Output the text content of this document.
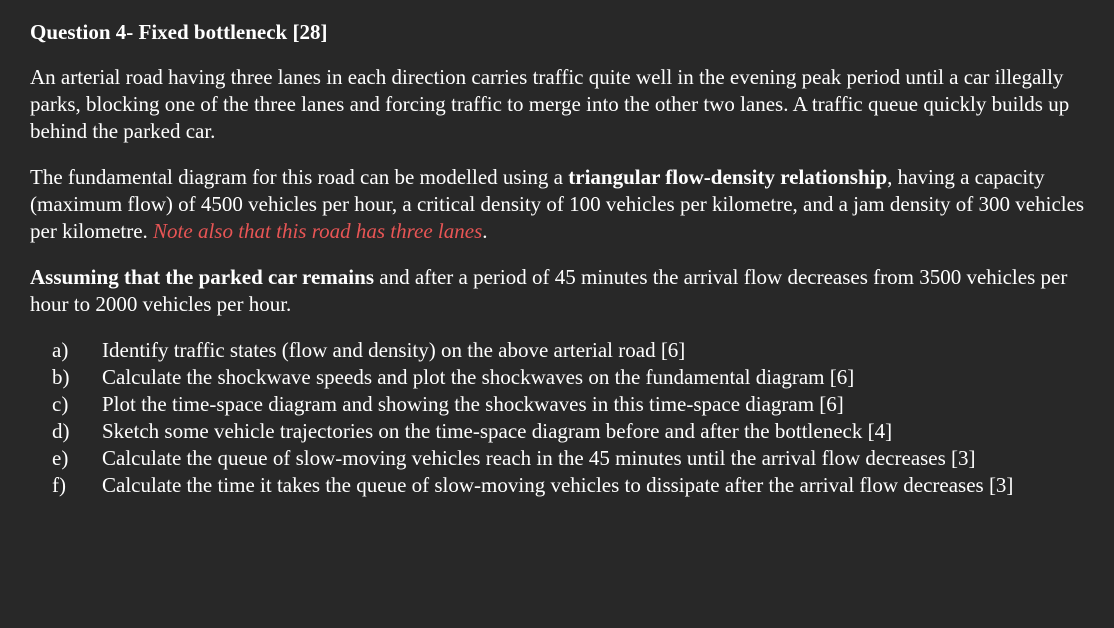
Question 4- Fixed bottleneck [28]

An arterial road having three lanes in each direction carries traffic quite well in the evening peak period until a car illegally parks, blocking one of the three lanes and forcing traffic to merge into the other two lanes. A traffic queue quickly builds up behind the parked car.

The fundamental diagram for this road can be modelled using a triangular flow-density relationship, having a capacity (maximum flow) of 4500 vehicles per hour, a critical density of 100 vehicles per kilometre, and a jam density of 300 vehicles per kilometre. Note also that this road has three lanes.

Assuming that the parked car remains and after a period of 45 minutes the arrival flow decreases from 3500 vehicles per hour to 2000 vehicles per hour.

a) Identify traffic states (flow and density) on the above arterial road [6]
b) Calculate the shockwave speeds and plot the shockwaves on the fundamental diagram [6]
c) Plot the time-space diagram and showing the shockwaves in this time-space diagram [6]
d) Sketch some vehicle trajectories on the time-space diagram before and after the bottleneck [4]
e) Calculate the queue of slow-moving vehicles reach in the 45 minutes until the arrival flow decreases [3]
f) Calculate the time it takes the queue of slow-moving vehicles to dissipate after the arrival flow decreases [3]
